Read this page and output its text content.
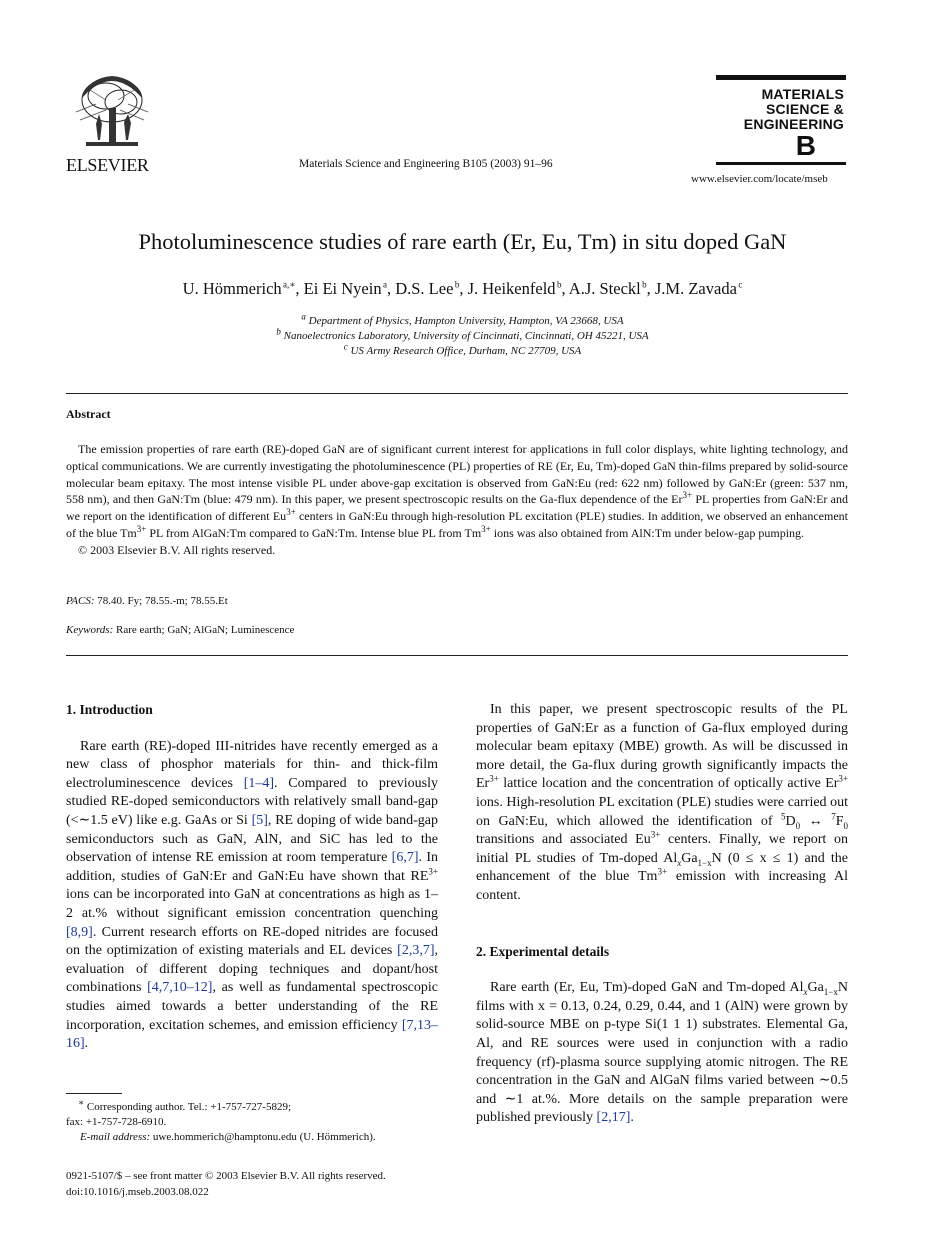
ELSEVIER	Materials Science and Engineering B105 (2003) 91–96
MATERIALS
SCIENCE &
ENGINEERING
B
www.elsevier.com/locate/mseb
Photoluminescence studies of rare earth (Er, Eu, Tm) in situ doped GaN
U. Hömmerich $^{a,∗}$, Ei Ei Nyein $^a$, D.S. Lee $^b$, J. Heikenfeld $^b$, A.J. Steckl $^b$, J.M. Zavada $^c$
$^a$ Department of Physics, Hampton University, Hampton, VA 23668, USA
$^b$ Nanoelectronics Laboratory, University of Cincinnati, Cincinnati, OH 45221, USA
$^c$ US Army Research Office, Durham, NC 27709, USA
Abstract

The emission properties of rare earth (RE)-doped GaN are of significant current interest for applications in full color displays, white lighting technology, and optical communications. We are currently investigating the photoluminescence (PL) properties of RE (Er, Eu, Tm)-doped GaN thin-films prepared by solid-source molecular beam epitaxy. The most intense visible PL under above-gap excitation is observed from GaN:Eu (red: 622 nm) followed by GaN:Er (green: 537 nm, 558 nm), and then GaN:Tm (blue: 479 nm). In this paper, we present spectroscopic results on the Ga-flux dependence of the $Er^{3+}$ PL properties from GaN:Er and we report on the identification of different $Eu^{3+}$ centers in GaN:Eu through high-resolution PL excitation (PLE) studies. In addition, we observed an enhancement of the blue $Tm^{3+}$ PL from AlGaN:Tm compared to GaN:Tm. Intense blue PL from $Tm^{3+}$ ions was also obtained from AlN:Tm under below-gap pumping.

© 2003 Elsevier B.V. All rights reserved.

PACS: 78.40. Fy; 78.55.-m; 78.55.Et
Keywords: Rare earth; GaN; AlGaN; Luminescence
1. Introduction

Rare earth (RE)-doped III-nitrides have recently emerged as a new class of phosphor materials for thin- and thick-film electroluminescence devices [1–4]. Compared to previously studied RE-doped semiconductors with relatively small band-gap (<∼1.5 eV) like e.g. GaAs or Si [5], RE doping of wide band-gap semiconductors such as GaN, AlN, and SiC has led to the observation of intense RE emission at room temperature [6,7]. In addition, studies of GaN:Er and GaN:Eu have shown that $RE^{3+}$ ions can be incorporated into GaN at concentrations as high as 1–2 at.% without significant emission concentration quenching [8,9]. Current research efforts on RE-doped nitrides are focused on the optimization of existing materials and EL devices [2,3,7], evaluation of different doping techniques and dopant/host combinations [4,7,10–12], as well as fundamental spectroscopic studies aimed towards a better understanding of the RE incorporation, excitation schemes, and emission efficiency [7,13–16].

∗ Corresponding author. Tel.: +1-757-727-5829;
fax: +1-757-728-6910.
E-mail address: uwe.hommerich@hamptonu.edu (U. Hömmerich).
0921-5107/$ – see front matter © 2003 Elsevier B.V. All rights reserved.
doi:10.1016/j.mseb.2003.08.022

In this paper, we present spectroscopic results of the PL properties of GaN:Er as a function of Ga-flux employed during molecular beam epitaxy (MBE) growth. As will be discussed in more detail, the Ga-flux during growth significantly impacts the $Er^{3+}$ lattice location and the concentration of optically active $Er^{3+}$ ions. High-resolution PL excitation (PLE) studies were carried out on GaN:Eu, which allowed the identification of $^5D_0$ ↔ $^7F_0$ transitions and associated $Eu^{3+}$ centers. Finally, we report on initial PL studies of Tm-doped $Al_xGa_{1-x}N$ (0 ≤ x ≤ 1) and the enhancement of the blue $Tm^{3+}$ emission with increasing Al content.

2. Experimental details

Rare earth (Er, Eu, Tm)-doped GaN and Tm-doped $Al_xGa_{1-x}N$ films with x = 0.13, 0.24, 0.29, 0.44, and 1 (AlN) were grown by solid-source MBE on p-type Si(1 1 1) substrates. Elemental Ga, Al, and RE sources were used in conjunction with a radio frequency (rf)-plasma source supplying atomic nitrogen. The RE concentration in the GaN and AlGaN films varied between ∼0.5 and ∼1 at.%. More details on the sample preparation were published previously [2,17].
